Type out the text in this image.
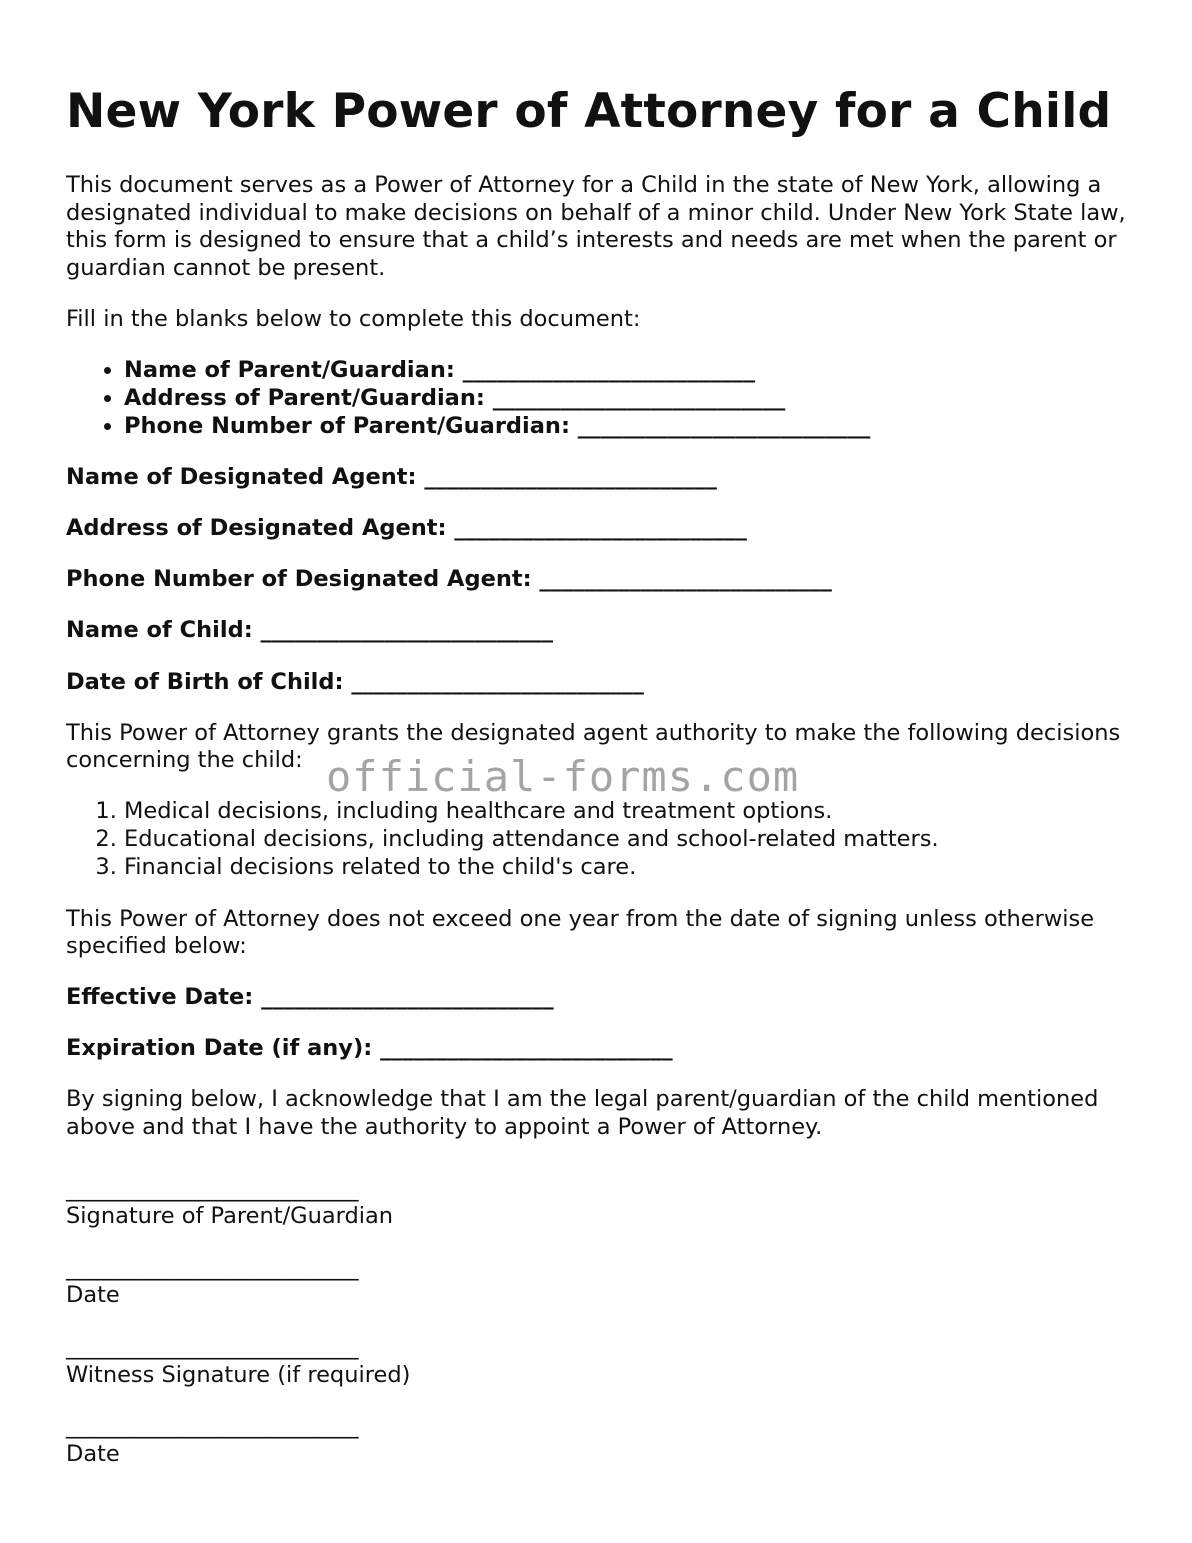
New York Power of Attorney for a Child

This document serves as a Power of Attorney for a Child in the state of New York, allowing a designated individual to make decisions on behalf of a minor child. Under New York State law, this form is designed to ensure that a child’s interests and needs are met when the parent or guardian cannot be present.

Fill in the blanks below to complete this document:

• Name of Parent/Guardian: __________________________
• Address of Parent/Guardian: __________________________
• Phone Number of Parent/Guardian: __________________________
Name of Designated Agent: __________________________
Address of Designated Agent: __________________________
Phone Number of Designated Agent: __________________________
Name of Child: __________________________
Date of Birth of Child: __________________________

This Power of Attorney grants the designated agent authority to make the following decisions concerning the child:

1. Medical decisions, including healthcare and treatment options.
2. Educational decisions, including attendance and school-related matters.
3. Financial decisions related to the child's care.

This Power of Attorney does not exceed one year from the date of signing unless otherwise specified below:

Effective Date: __________________________
Expiration Date (if any): __________________________

By signing below, I acknowledge that I am the legal parent/guardian of the child mentioned above and that I have the authority to appoint a Power of Attorney.

__________________________
Signature of Parent/Guardian
__________________________
Date
__________________________
Witness Signature (if required)
__________________________
Date
official-forms.com
